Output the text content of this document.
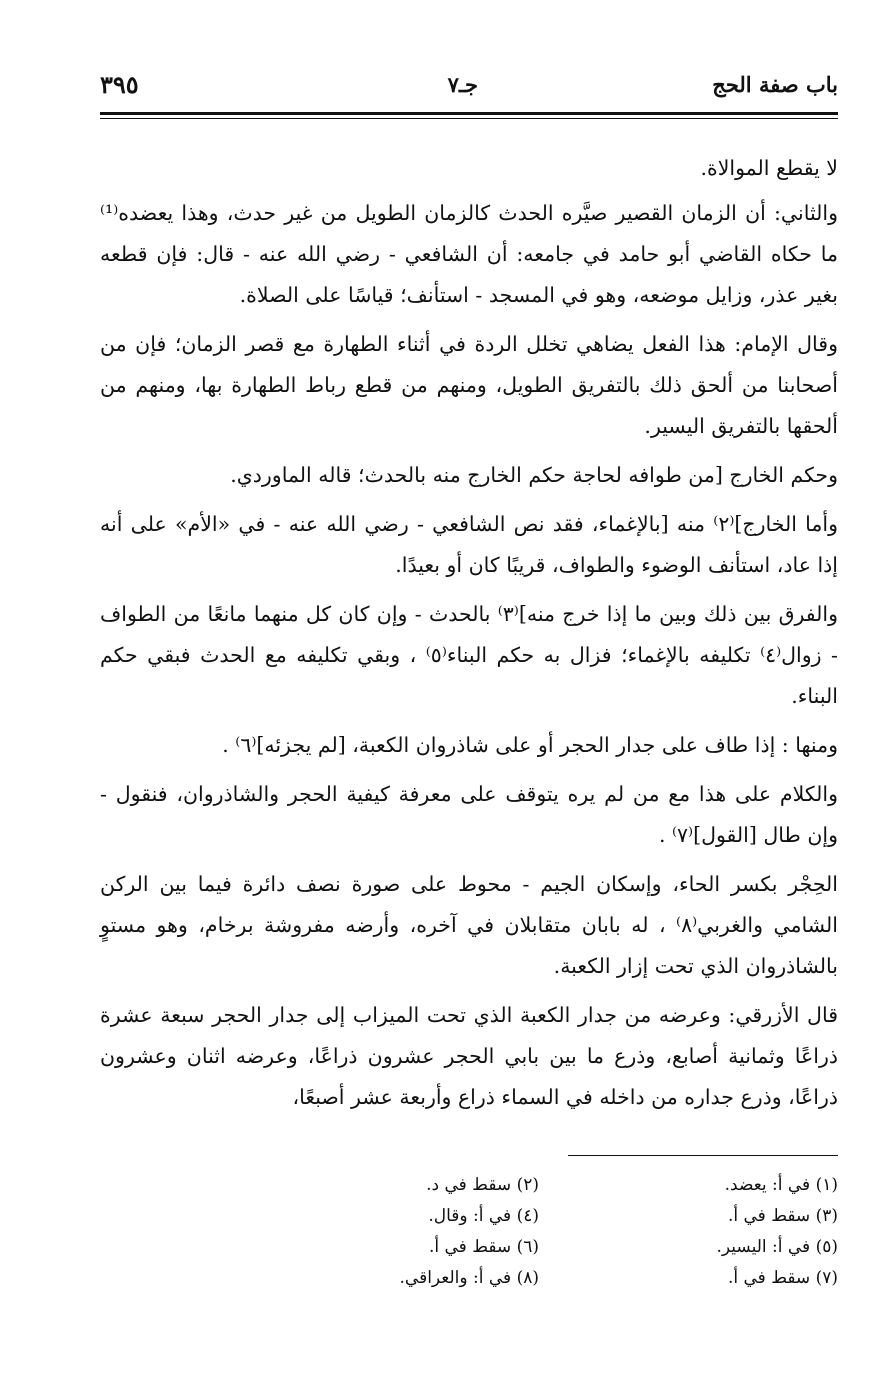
باب صفة الحج
جـ٧
٣٩٥

لا يقطع الموالاة.

والثاني: أن الزمان القصير صيَّره الحدث كالزمان الطويل من غير حدث، وهذا يعضده⁽¹⁾ ما حكاه القاضي أبو حامد في جامعه: أن الشافعي - رضي الله عنه - قال: فإن قطعه بغير عذر، وزايل موضعه، وهو في المسجد - استأنف؛ قياسًا على الصلاة.

وقال الإمام: هذا الفعل يضاهي تخلل الردة في أثناء الطهارة مع قصر الزمان؛ فإن من أصحابنا من ألحق ذلك بالتفريق الطويل، ومنهم من قطع رباط الطهارة بها، ومنهم من ألحقها بالتفريق اليسير.

وحكم الخارج [من طوافه لحاجة حكم الخارج منه بالحدث؛ قاله الماوردي.

وأما الخارج]⁽٢⁾ منه [بالإغماء، فقد نص الشافعي - رضي الله عنه - في «الأم» على أنه إذا عاد، استأنف الوضوء والطواف، قريبًا كان أو بعيدًا.

والفرق بين ذلك وبين ما إذا خرج منه]⁽٣⁾ بالحدث - وإن كان كل منهما مانعًا من الطواف - زوال⁽٤⁾ تكليفه بالإغماء؛ فزال به حكم البناء⁽٥⁾ ، وبقي تكليفه مع الحدث فبقي حكم البناء.

ومنها : إذا طاف على جدار الحجر أو على شاذروان الكعبة، [لم يجزئه]⁽٦⁾ .

والكلام على هذا مع من لم يره يتوقف على معرفة كيفية الحجر والشاذروان، فنقول - وإن طال [القول]⁽٧⁾ .

الحِجْر بكسر الحاء، وإسكان الجيم - محوط على صورة نصف دائرة فيما بين الركن الشامي والغربي⁽٨⁾ ، له بابان متقابلان في آخره، وأرضه مفروشة برخام، وهو مستوٍ بالشاذروان الذي تحت إزار الكعبة.

قال الأزرقي: وعرضه من جدار الكعبة الذي تحت الميزاب إلى جدار الحجر سبعة عشرة ذراعًا وثمانية أصابع، وذرع ما بين بابي الحجر عشرون ذراعًا، وعرضه اثنان وعشرون ذراعًا، وذرع جداره من داخله في السماء ذراع وأربعة عشر أصبعًا،

(١) في أ: يعضد.
(٢) سقط في د.
(٣) سقط في أ.
(٤) في أ: وقال.
(٥) في أ: اليسير.
(٦) سقط في أ.
(٧) سقط في أ.
(٨) في أ: والعراقي.
